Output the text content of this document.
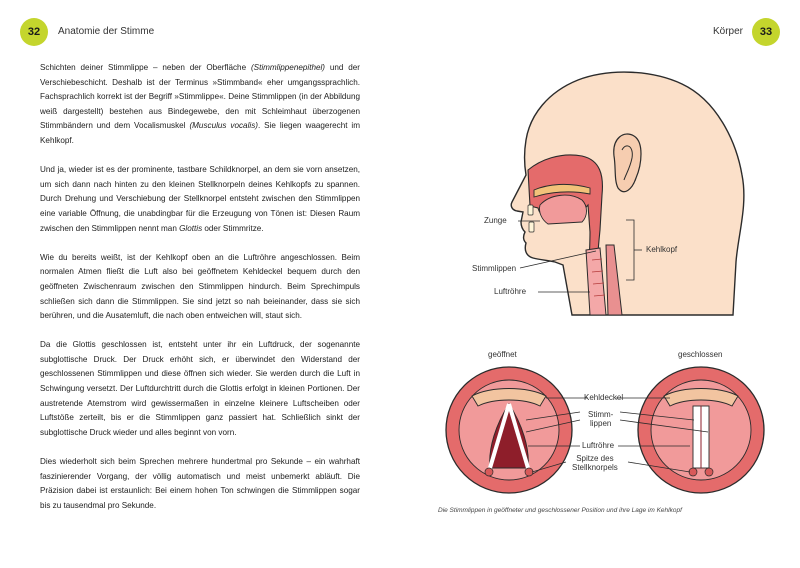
32	Anatomie der Stimme	Körper	33

Schichten deiner Stimmlippe – neben der Oberfläche (Stimmlippenepithel) und der Verschiebeschicht. Deshalb ist der Terminus »Stimmband« eher umgangssprachlich. Fachsprachlich korrekt ist der Begriff »Stimmlippe«. Deine Stimmlippen (in der Abbildung weiß dargestellt) bestehen aus Bindegewebe, den mit Schleimhaut überzogenen Stimmbändern und dem Vocalismuskel (Musculus vocalis). Sie liegen waagerecht im Kehlkopf.

Und ja, wieder ist es der prominente, tastbare Schildknorpel, an dem sie vorn ansetzen, um sich dann nach hinten zu den kleinen Stellknorpeln deines Kehlkopfs zu spannen. Durch Drehung und Verschiebung der Stellknorpel entsteht zwischen den Stimmlippen eine variable Öffnung, die unabdingbar für die Erzeugung von Tönen ist: Diesen Raum zwischen den Stimmlippen nennt man Glottis oder Stimmritze.

Wie du bereits weißt, ist der Kehlkopf oben an die Luftröhre angeschlossen. Beim normalen Atmen fließt die Luft also bei geöffnetem Kehldeckel bequem durch den geöffneten Zwischenraum zwischen den Stimmlippen hindurch. Beim Sprechimpuls schließen sich dann die Stimmlippen. Sie sind jetzt so nah beieinander, dass sie sich berühren, und die Ausatemluft, die nach oben entweichen will, staut sich.

Da die Glottis geschlossen ist, entsteht unter ihr ein Luftdruck, der sogenannte subglottische Druck. Der Druck erhöht sich, er überwindet den Widerstand der geschlossenen Stimmlippen und diese öffnen sich wieder. Sie werden durch die Luft in Schwingung versetzt. Der Luftdurchtritt durch die Glottis erfolgt in kleinen Portionen. Der austretende Atemstrom wird gewissermaßen in einzelne kleinere Luftscheiben oder Luftstöße zerteilt, bis er die Stimmlippen ganz passiert hat. Schließlich sinkt der subglottische Druck wieder und alles beginnt von vorn.

Dies wiederholt sich beim Sprechen mehrere hundertmal pro Sekunde – ein wahrhaft faszinierender Vorgang, der völlig automatisch und meist unbemerkt abläuft. Die Präzision dabei ist erstaunlich: Bei einem hohen Ton schwingen die Stimmlippen sogar bis zu tausendmal pro Sekunde.

Zunge
Kehlkopf
Stimmlippen
Luftröhre
geöffnet	geschlossen
Kehldeckel
Stimm-
lippen
Luftröhre
Spitze des
Stellknorpels
Die Stimmlippen in geöffneter und geschlossener Position und ihre Lage im Kehlkopf
